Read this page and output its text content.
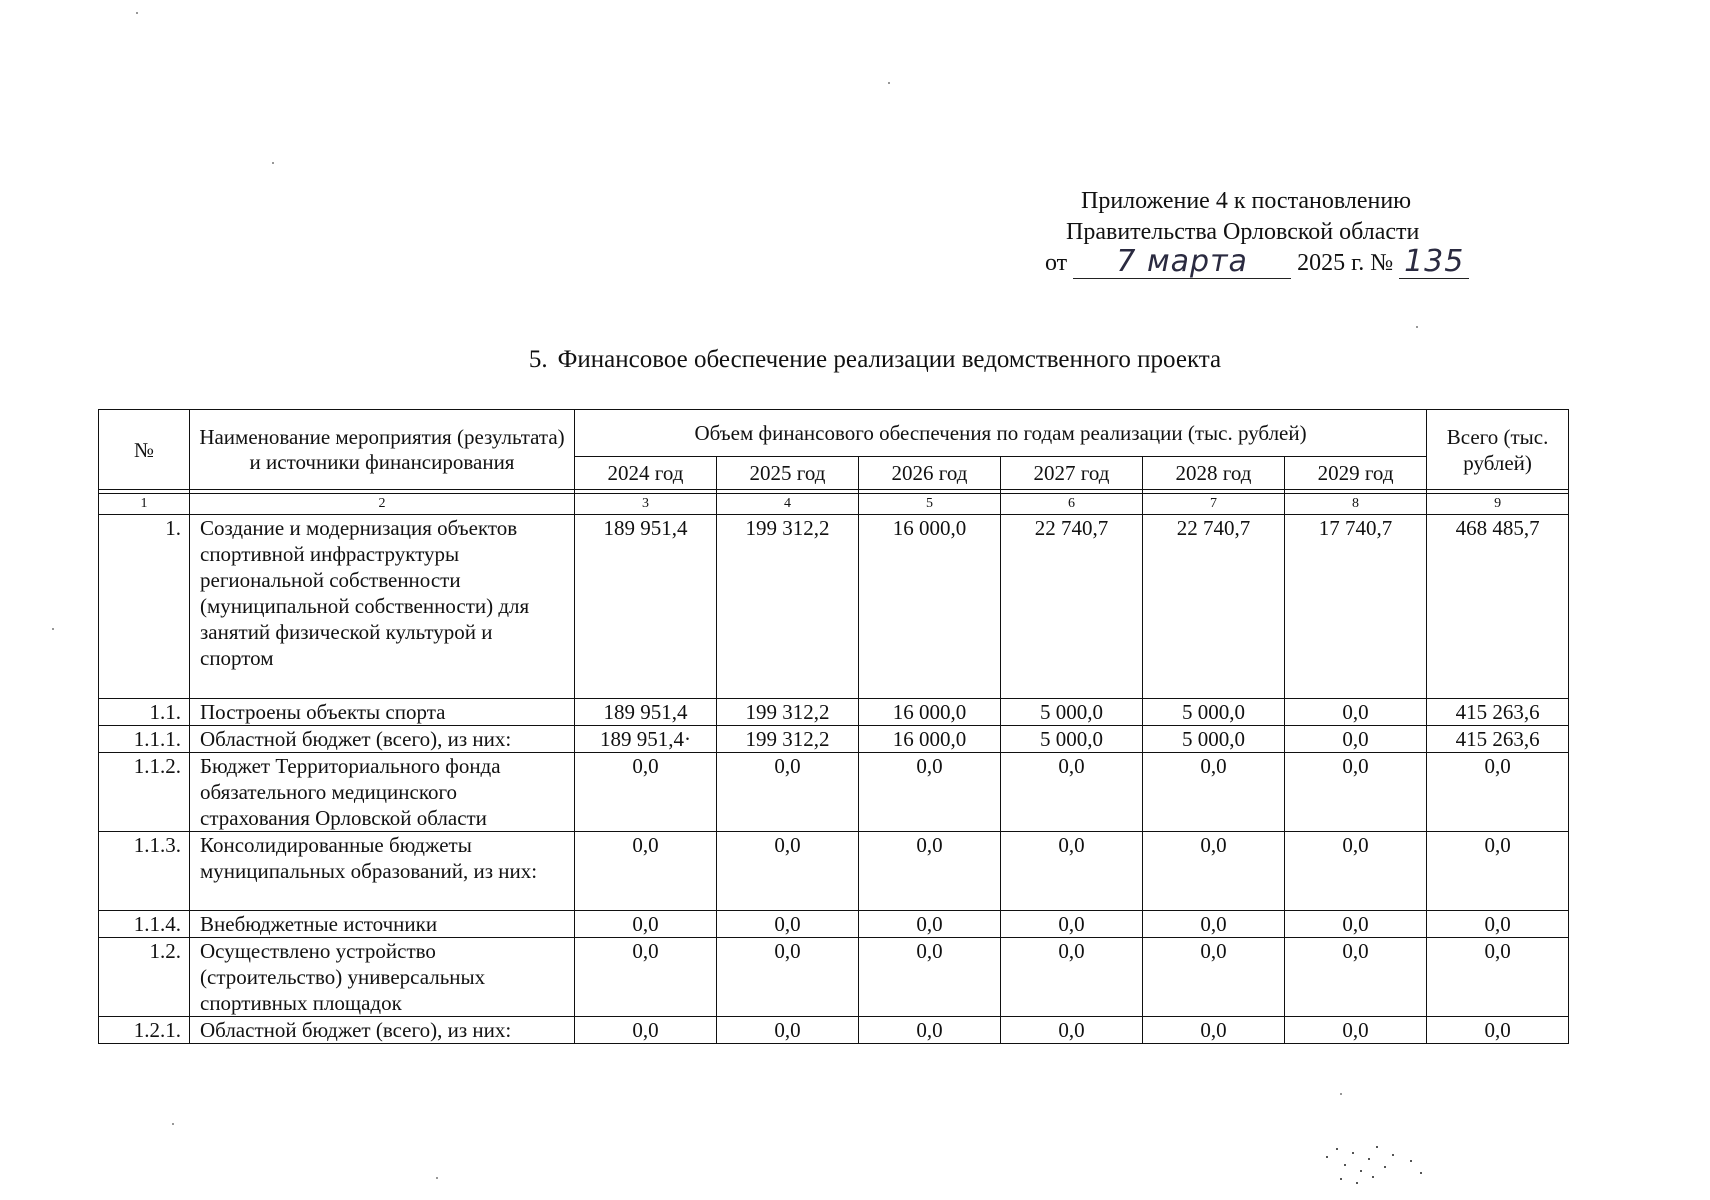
Приложение 4 к постановлению
Правительства Орловской области
от 7 марта 2025 г. № 135
5. Финансовое обеспечение реализации ведомственного проекта
№	Наименование мероприятия (результата) и источники финансирования	Объем финансового обеспечения по годам реализации (тыс. рублей)						Всего (тыс. рублей)
		2024 год	2025 год	2026 год	2027 год	2028 год	2029 год	

1	2	3	4	5	6	7	8	9
1.	Создание и модернизация объектов спортивной инфраструктуры региональной собственности (муниципальной собственности) для занятий физической культурой и спортом	189 951,4	199 312,2	16 000,0	22 740,7	22 740,7	17 740,7	468 485,7
1.1.	Построены объекты спорта	189 951,4	199 312,2	16 000,0	5 000,0	5 000,0	0,0	415 263,6
1.1.1.	Областной бюджет (всего), из них:	189 951,4·	199 312,2	16 000,0	5 000,0	5 000,0	0,0	415 263,6
1.1.2.	Бюджет Территориального фонда обязательного медицинского страхования Орловской области	0,0	0,0	0,0	0,0	0,0	0,0	0,0
1.1.3.	Консолидированные бюджеты муниципальных образований, из них:	0,0	0,0	0,0	0,0	0,0	0,0	0,0
1.1.4.	Внебюджетные источники	0,0	0,0	0,0	0,0	0,0	0,0	0,0
1.2.	Осуществлено устройство (строительство) универсальных спортивных площадок	0,0	0,0	0,0	0,0	0,0	0,0	0,0
1.2.1.	Областной бюджет (всего), из них:	0,0	0,0	0,0	0,0	0,0	0,0	0,0
